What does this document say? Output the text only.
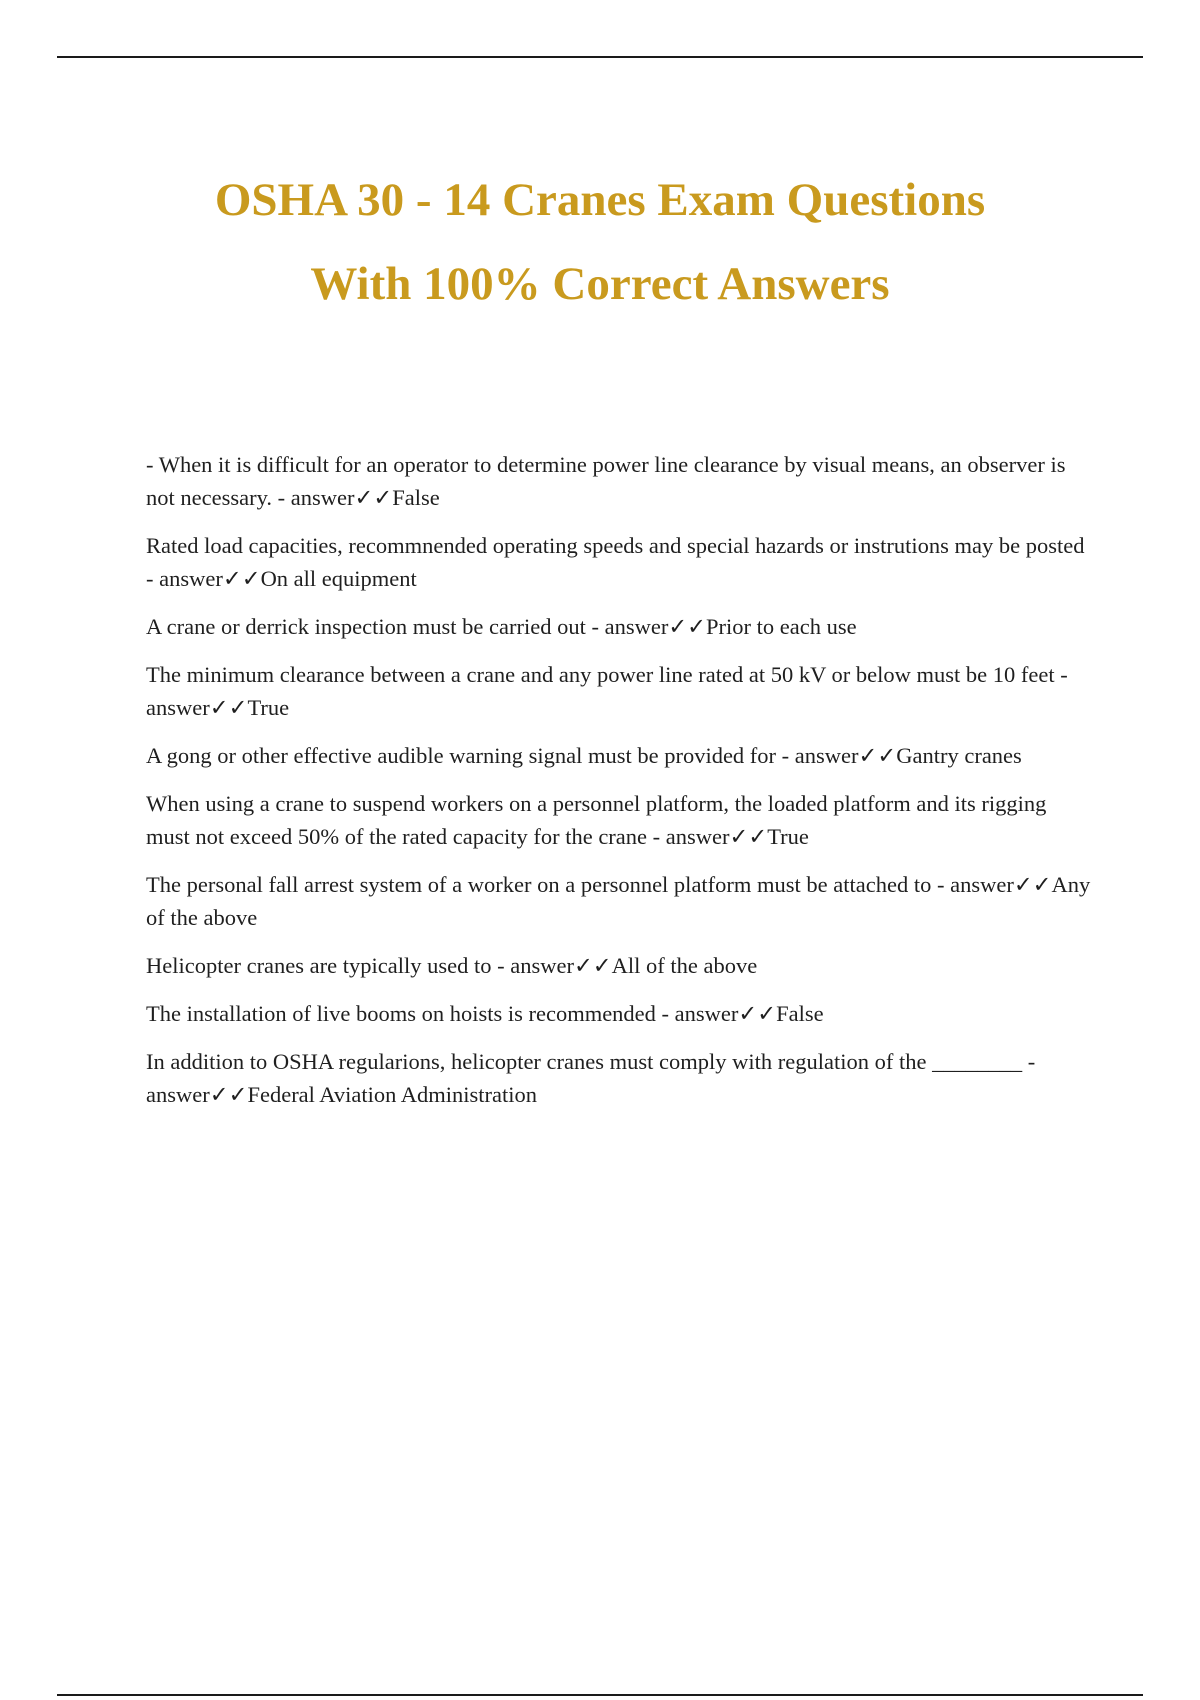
OSHA 30 - 14 Cranes Exam Questions
With 100% Correct Answers
- When it is difficult for an operator to determine power line clearance by visual means, an observer is not necessary. - answer✓✓False
Rated load capacities, recommnended operating speeds and special hazards or instrutions may be posted - answer✓✓On all equipment
A crane or derrick inspection must be carried out - answer✓✓Prior to each use
The minimum clearance between a crane and any power line rated at 50 kV or below must be 10 feet - answer✓✓True
A gong or other effective audible warning signal must be provided for - answer✓✓Gantry cranes
When using a crane to suspend workers on a personnel platform, the loaded platform and its rigging must not exceed 50% of the rated capacity for the crane - answer✓✓True
The personal fall arrest system of a worker on a personnel platform must be attached to - answer✓✓Any of the above
Helicopter cranes are typically used to - answer✓✓All of the above
The installation of live booms on hoists is recommended - answer✓✓False
In addition to OSHA regularions, helicopter cranes must comply with regulation of the ________ - answer✓✓Federal Aviation Administration
